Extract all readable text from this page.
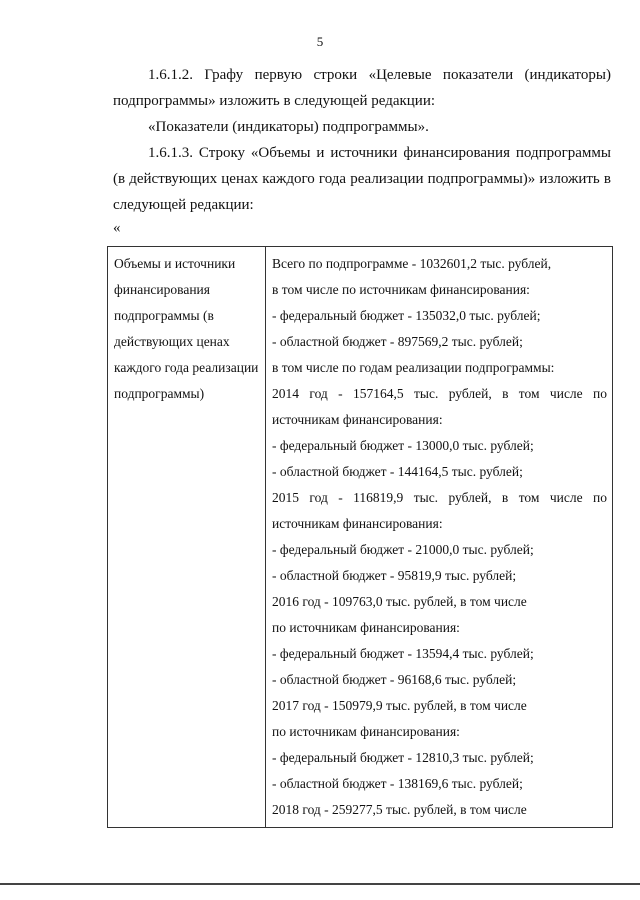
5

1.6.1.2. Графу первую строки «Целевые показатели (индикаторы) подпрограммы» изложить в следующей редакции:

«Показатели (индикаторы) подпрограммы».

1.6.1.3. Строку «Объемы и источники финансирования подпрограммы (в действующих ценах каждого года реализации подпрограммы)» изложить в следующей редакции:

«
Объемы и источники финансирования подпрограммы (в действующих ценах каждого года реализации подпрограммы)
Всего по подпрограмме - 1032601,2 тыс. рублей,
в том числе по источникам финансирования:
- федеральный бюджет - 135032,0 тыс. рублей;
- областной бюджет - 897569,2 тыс. рублей;
в том числе по годам реализации подпрограммы:
2014 год - 157164,5 тыс. рублей, в том числе по
источникам финансирования:
- федеральный бюджет - 13000,0 тыс. рублей;
- областной бюджет - 144164,5 тыс. рублей;
2015 год - 116819,9 тыс. рублей, в том числе по
источникам финансирования:
- федеральный бюджет - 21000,0 тыс. рублей;
- областной бюджет - 95819,9 тыс. рублей;
2016 год - 109763,0 тыс. рублей, в том числе
по источникам финансирования:
- федеральный бюджет - 13594,4 тыс. рублей;
- областной бюджет - 96168,6 тыс. рублей;
2017 год - 150979,9 тыс. рублей, в том числе
по источникам финансирования:
- федеральный бюджет - 12810,3 тыс. рублей;
- областной бюджет - 138169,6 тыс. рублей;
2018 год - 259277,5 тыс. рублей, в том числе
